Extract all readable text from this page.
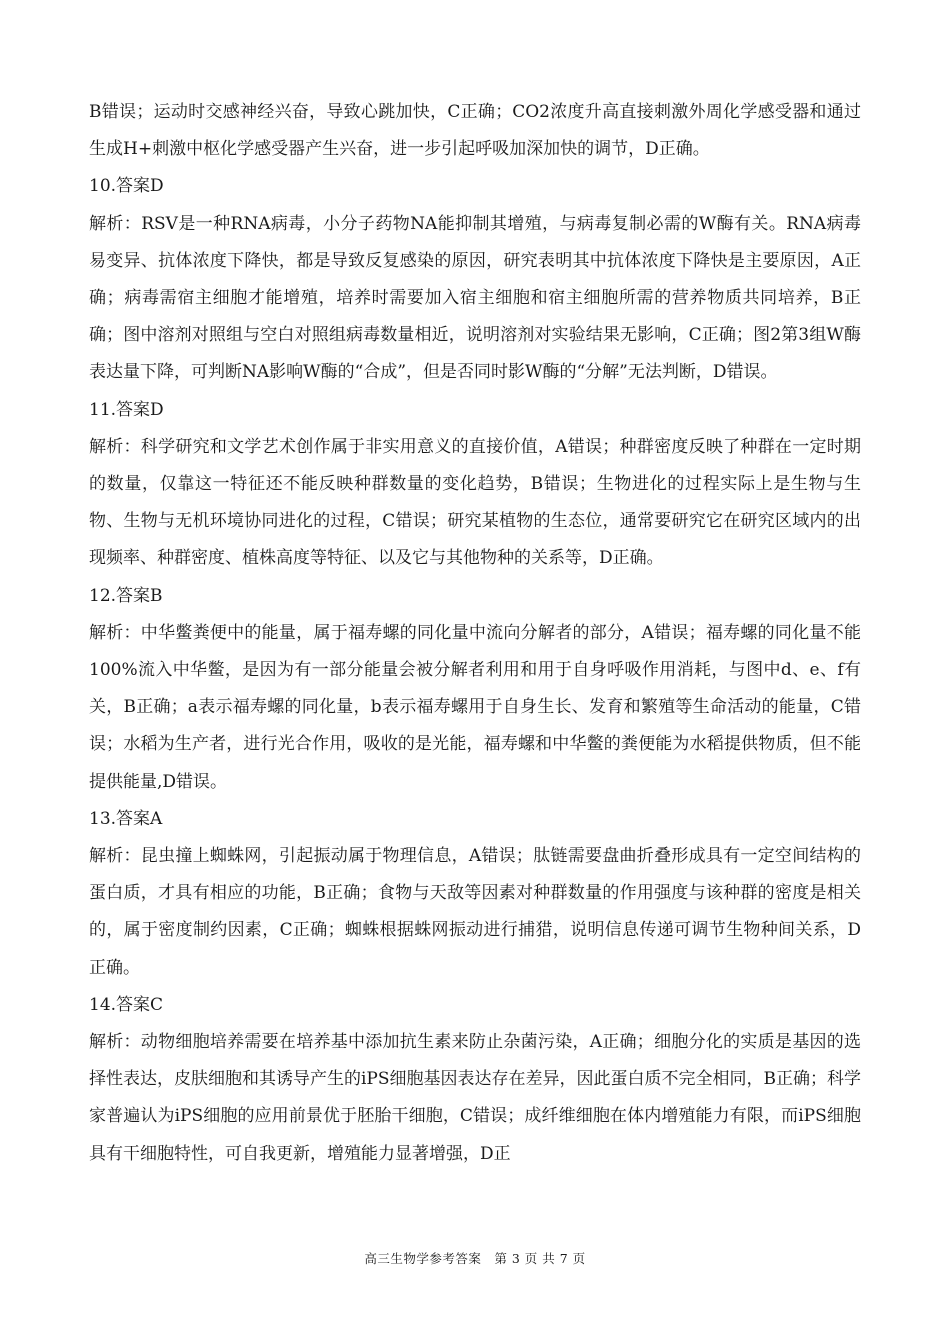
B错误；运动时交感神经兴奋，导致心跳加快，C正确；CO2浓度升高直接刺激外周化学感受器和通过生成H+刺激中枢化学感受器产生兴奋，进一步引起呼吸加深加快的调节，D正确。

10.答案D

解析：RSV是一种RNA病毒，小分子药物NA能抑制其增殖，与病毒复制必需的W酶有关。RNA病毒易变异、抗体浓度下降快，都是导致反复感染的原因，研究表明其中抗体浓度下降快是主要原因，A正确；病毒需宿主细胞才能增殖，培养时需要加入宿主细胞和宿主细胞所需的营养物质共同培养，B正确；图中溶剂对照组与空白对照组病毒数量相近，说明溶剂对实验结果无影响，C正确；图2第3组W酶表达量下降，可判断NA影响W酶的“合成”，但是否同时影W酶的“分解”无法判断，D错误。

11.答案D

解析：科学研究和文学艺术创作属于非实用意义的直接价值，A错误；种群密度反映了种群在一定时期的数量，仅靠这一特征还不能反映种群数量的变化趋势，B错误；生物进化的过程实际上是生物与生物、生物与无机环境协同进化的过程，C错误；研究某植物的生态位，通常要研究它在研究区域内的出现频率、种群密度、植株高度等特征、以及它与其他物种的关系等，D正确。

12.答案B

解析：中华鳖粪便中的能量，属于福寿螺的同化量中流向分解者的部分，A错误；福寿螺的同化量不能100%流入中华鳖，是因为有一部分能量会被分解者利用和用于自身呼吸作用消耗，与图中d、e、f有关，B正确；a表示福寿螺的同化量，b表示福寿螺用于自身生长、发育和繁殖等生命活动的能量，C错误；水稻为生产者，进行光合作用，吸收的是光能，福寿螺和中华鳖的粪便能为水稻提供物质，但不能提供能量,D错误。

13.答案A

解析：昆虫撞上蜘蛛网，引起振动属于物理信息，A错误；肽链需要盘曲折叠形成具有一定空间结构的蛋白质，才具有相应的功能，B正确；食物与天敌等因素对种群数量的作用强度与该种群的密度是相关的，属于密度制约因素，C正确；蜘蛛根据蛛网振动进行捕猎，说明信息传递可调节生物种间关系，D正确。

14.答案C

解析：动物细胞培养需要在培养基中添加抗生素来防止杂菌污染，A正确；细胞分化的实质是基因的选择性表达，皮肤细胞和其诱导产生的iPS细胞基因表达存在差异，因此蛋白质不完全相同，B正确；科学家普遍认为iPS细胞的应用前景优于胚胎干细胞，C错误；成纤维细胞在体内增殖能力有限，而iPS细胞具有干细胞特性，可自我更新，增殖能力显著增强，D正

高三生物学参考答案　第 3 页 共 7 页
